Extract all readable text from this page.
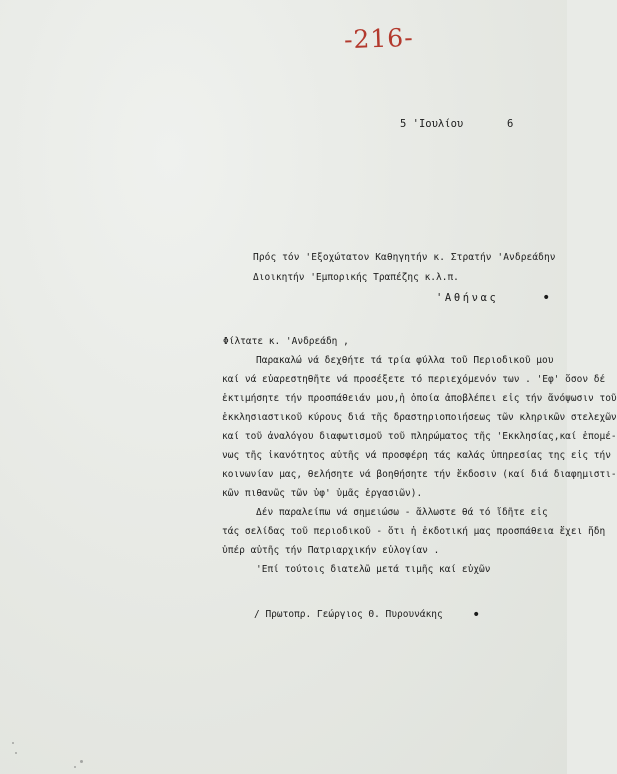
-216-
5 'Ιουλίου	6
Πρός τόν 'Εξοχώτατον Καθηγητήν κ. Στρατήν 'Ανδρεάδην
Διοικητήν 'Εμπορικής Τραπέζης κ.λ.π.
'Αθήνας	•
Φίλτατε κ. 'Ανδρεάδη ,
Παρακαλώ νά δεχθήτε τά τρία φύλλα τοῦ Περιοδικοῦ μου
καί νά εὐαρεστηθῆτε νά προσέξετε τό περιεχόμενόν των . 'Εφ' ὅσον δέ
ἐκτιμήσητε τήν προσπάθειάν μου,ἡ ὁποία ἀποβλέπει εἰς τήν ἄνόψωσιν τοῦ
ἐκκλησιαστικοῦ κύρους διά τῆς δραστηριοποιήσεως τῶν κληρικῶν στελεχῶν
καί τοῦ ἀναλόγου διαφωτισμοῦ τοῦ πληρώματος τῆς 'Εκκλησίας,καί ἐπομέ-
νως τῆς ἱκανότητος αὐτῆς νά προσφέρη τάς καλάς ὑπηρεσίας της εἰς τήν
κοινωνίαν μας, θελήσητε νά βοηθήσητε τήν ἔκδοσιν (καί διά διαφημιστι-
κῶν πιθανῶς τῶν ὑφ' ὑμᾶς ἐργασιῶν).
Δέν παραλείπω νά σημειώσω - ἄλλωστε θά τό ἴδῆτε εἰς
τάς σελίδας τοῦ περιοδικοῦ - ὅτι ἡ ἐκδοτική μας προσπάθεια ἔχει ἤδη
ὑπέρ αὐτῆς τήν Πατριαρχικήν εὐλογίαν .
'Επί τούτοις διατελῶ μετά τιμῆς καί εὐχῶν
/ Πρωτοπρ. Γεώργιος Θ. Πυρουνάκης •
